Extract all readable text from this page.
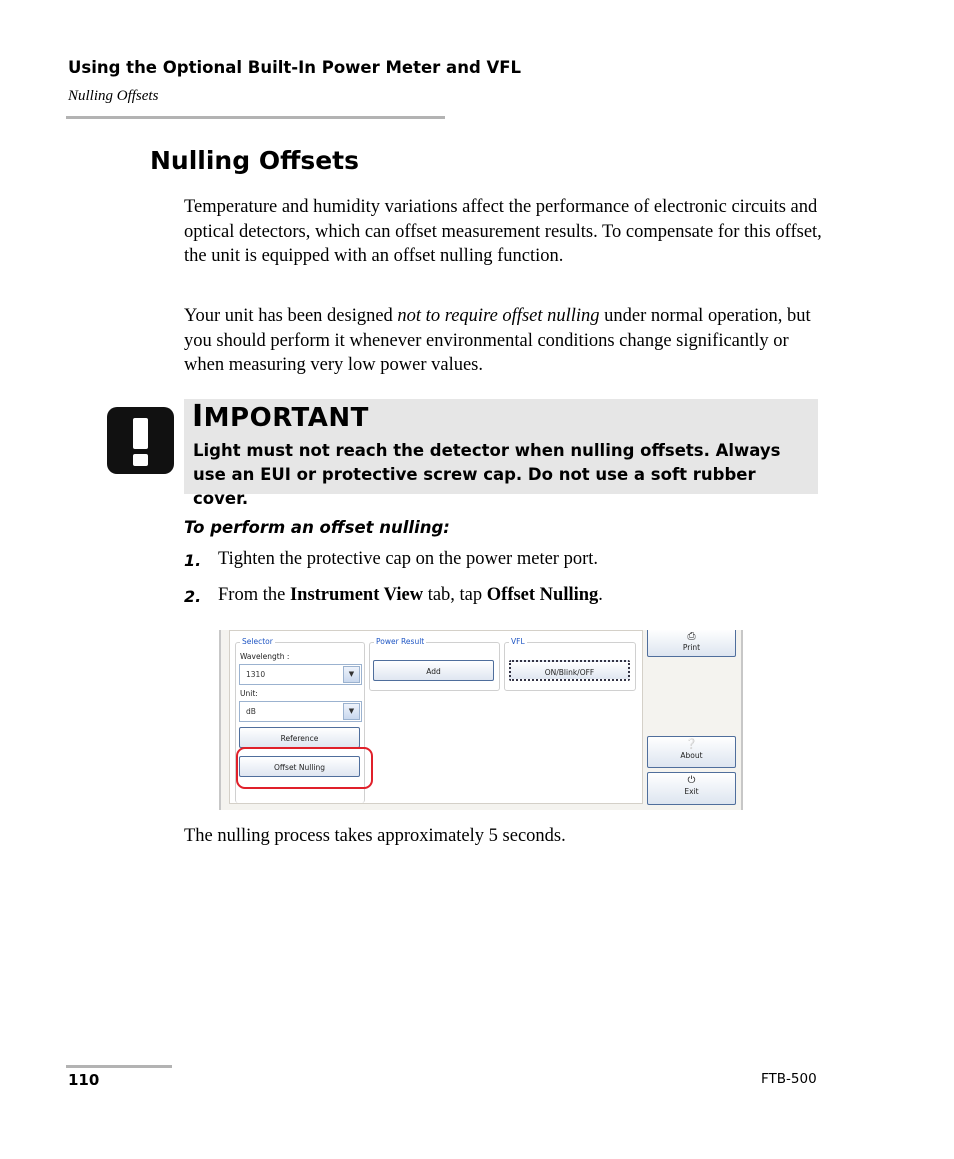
Using the Optional Built-In Power Meter and VFL
Nulling Offsets
Nulling Offsets

Temperature and humidity variations affect the performance of electronic circuits and optical detectors, which can offset measurement results. To compensate for this offset, the unit is equipped with an offset nulling function.

Your unit has been designed not to require offset nulling under normal operation, but you should perform it whenever environmental conditions change significantly or when measuring very low power values.

IMPORTANT
Light must not reach the detector when nulling offsets. Always use an EUI or protective screw cap. Do not use a soft rubber cover.
To perform an offset nulling:
1. Tighten the protective cap on the power meter port.
2. From the Instrument View tab, tap Offset Nulling.
Selector
Wavelength :
1310	▼
Unit:
dB	▼
Reference
Offset Nulling
Power Result
Add
VFL
ON/Blink/OFF
⎙
Print
❔
About
⏻
Exit
The nulling process takes approximately 5 seconds.
110	FTB-500
